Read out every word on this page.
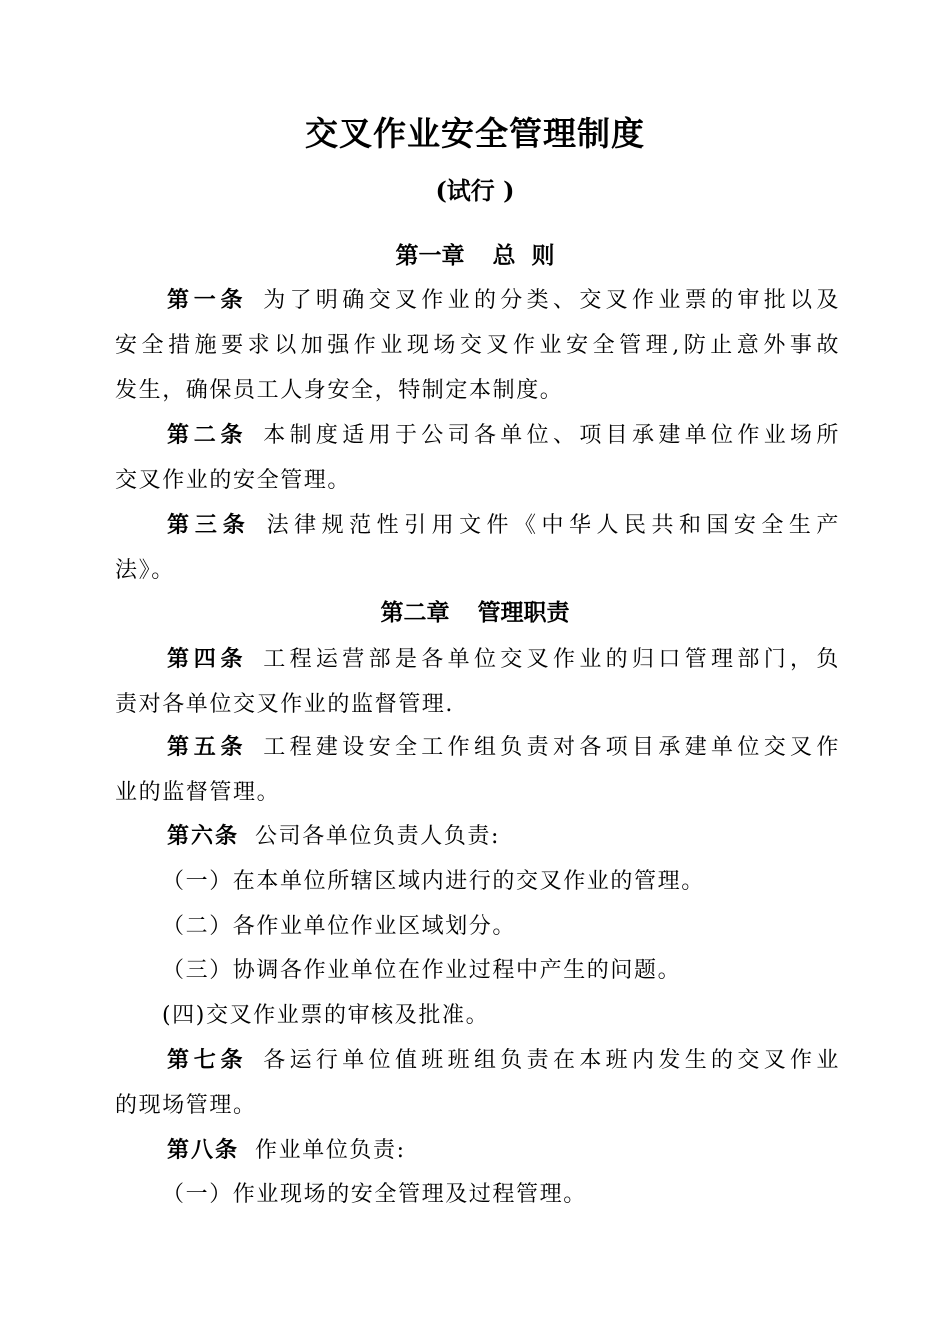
交叉作业安全管理制度
(试行 )
第一章 总  则
第一条 为了明确交叉作业的分类、交叉作业票的审批以及
安全措施要求以加强作业现场交叉作业安全管理,防止意外事故
发生，确保员工人身安全，特制定本制度。
第二条 本制度适用于公司各单位、项目承建单位作业场所
交叉作业的安全管理。
第三条 法律规范性引用文件《中华人民共和国安全生产
法》。
第二章 管理职责
第四条 工程运营部是各单位交叉作业的归口管理部门，负
责对各单位交叉作业的监督管理.
第五条 工程建设安全工作组负责对各项目承建单位交叉作
业的监督管理。
第六条 公司各单位负责人负责:
（一）在本单位所辖区域内进行的交叉作业的管理。
（二）各作业单位作业区域划分。
（三）协调各作业单位在作业过程中产生的问题。
(四)交叉作业票的审核及批准。
第七条 各运行单位值班班组负责在本班内发生的交叉作业
的现场管理。
第八条 作业单位负责:
（一）作业现场的安全管理及过程管理。
